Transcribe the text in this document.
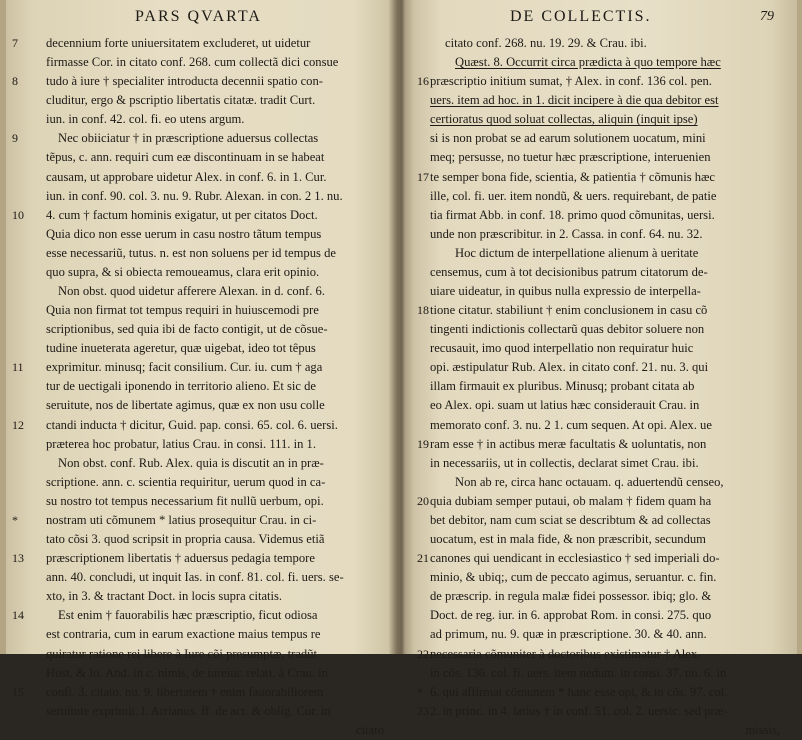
PARS QVARTA
7 decennium forte uniuersitatem excluderet, ut uidetur
firmasse Cor. in citato conf. 268. cum collectã dici consue
8 tudo à iure † specialiter introducta decennii spatio con-
cluditur, ergo & pscriptio libertatis citatæ. tradit Curt.
iun. in conf. 42. col. fi. eo utens argum.
9	Nec obiiciatur † in præscriptione aduersus collectas
tẽpus, c. ann. requiri cum eæ discontinuam in se habeat
causam, ut approbare uidetur Alex. in conf. 6. in 1. Cur.
iun. in conf. 90. col. 3. nu. 9. Rubr. Alexan. in con. 2 1. nu.
10 4. cum † factum hominis exigatur, ut per citatos Doct.
Quia dico non esse uerum in casu nostro tãtum tempus
esse necessariũ, tutus. n. est non soluens per id tempus de
quo supra, & si obiecta remoueamus, clara erit opinio.
Non obst. quod uidetur afferere Alexan. in d. conf. 6.
Quia non firmat tot tempus requiri in huiuscemodi pre
scriptionibus, sed quia ibi de facto contigit, ut de cõsue-
tudine inueterata ageretur, quæ uigebat, ideo tot têpus
11 exprimitur. minusq; facit consilium. Cur. iu. cum † aga
tur de uectigali iponendo in territorio alieno. Et sic de
seruitute, nos de libertate agimus, quæ ex non usu colle
12 ctandi inducta † dicitur, Guid. pap. consi. 65. col. 6. uersi.
præterea hoc probatur, latius Crau. in consi. 111. in 1.
Non obst. conf. Rub. Alex. quia is discutit an in præ-
scriptione. ann. c. scientia requiritur, uerum quod in ca-
su nostro tot tempus necessarium fit nullũ uerbum, opi.
* nostram uti cõmunem * latius prosequitur Crau. in ci-
tato cõsi 3. quod scripsit in propria causa. Videmus etiã
13 præscriptionem libertatis † aduersus pedagia tempore
ann. 40. concludi, ut inquit Ias. in conf. 81. col. fi. uers. se-
xto, in 3. & tractant Doct. in locis supra citatis.
14	Est enim † fauorabilis hæc præscriptio, ficut odiosa
est contraria, cum in earum exactione maius tempus re
quiratur ratione rei libere à Iure cõi presumptæ, tradũt
Host. & Io. And. in c. nimis, de iureiur. relati. à Crau. in
15 confi. 3. citato, nu. 9. libertatem † enim fauorabiliorem
seruitute exprimit. l. Arrianus. ff. de act. & oblig. Cor. in
citato
DE COLLECTIS.	79
citato conf. 268. nu. 19. 29. & Crau. ibi.
Quæst. 8. Occurrit circa prædicta à quo tempore hæc
16 præscriptio initium sumat, † Alex. in conf. 136 col. pen.
uers. item ad hoc. in 1. dicit incipere à die qua debitor est
certioratus quod soluat collectas, aliquin (inquit ipse)
si is non probat se ad earum solutionem uocatum, mini
meq; persusse, no tuetur hæc præscriptione, interuenien
17 te semper bona fide, scientia, & patientia † cõmunis hæc
ille, col. fi. uer. item nondũ, & uers. requirebant, de patie
tia firmat Abb. in conf. 18. primo quod cõmunitas, uersi.
unde non præscribitur. in 2. Cassa. in conf. 64. nu. 32.
Hoc dictum de interpellatione alienum à ueritate
censemus, cum à tot decisionibus patrum citatorum de-
uiare uideatur, in quibus nulla expressio de interpella-
18 tione citatur. stabiliunt † enim conclusionem in casu cõ
tingenti indictionis collectarũ quas debitor soluere non
recusauit, imo quod interpellatio non requiratur huic
opi. æstipulatur Rub. Alex. in citato conf. 21. nu. 3. qui
illam firmauit ex pluribus. Minusq; probant citata ab
eo Alex. opi. suam ut latius hæc considerauit Crau. in
memorato conf. 3. nu. 2 1. cum sequen. At opi. Alex. ue
19 ram esse † in actibus meræ facultatis & uoluntatis, non
in necessariis, ut in collectis, declarat simet Crau. ibi.
Non ab re, circa hanc octauam. q. aduertendũ censeo,
20 quia dubiam semper putaui, ob malam † fidem quam ha
bet debitor, nam cum sciat se describtum & ad collectas
uocatum, est in mala fide, & non præscribit, secundum
21 canones qui uendicant in ecclesiastico † sed imperiali do-
minio, & ubiq;, cum de peccato agimus, seruantur. c. fin.
de præscrip. in regula malæ fidei possessor. ibiq; glo. &
Doct. de reg. iur. in 6. approbat Rom. in consi. 275. quo
ad primum, nu. 9. quæ in præscriptione. 30. & 40. ann.
22 necessaria cõmuniter à doctoribus existimatur † Alex.
in cõs. 136. col. fi. uers. item nedum. in consi. 37. nu. 6. in
* 6. qui affirmat cõmunem * hanc esse opi, & in cõs. 97. col.
23 2. in princ. in 4. latius † in conf. 51. col. 2. uersic. sed præ-
missis,
